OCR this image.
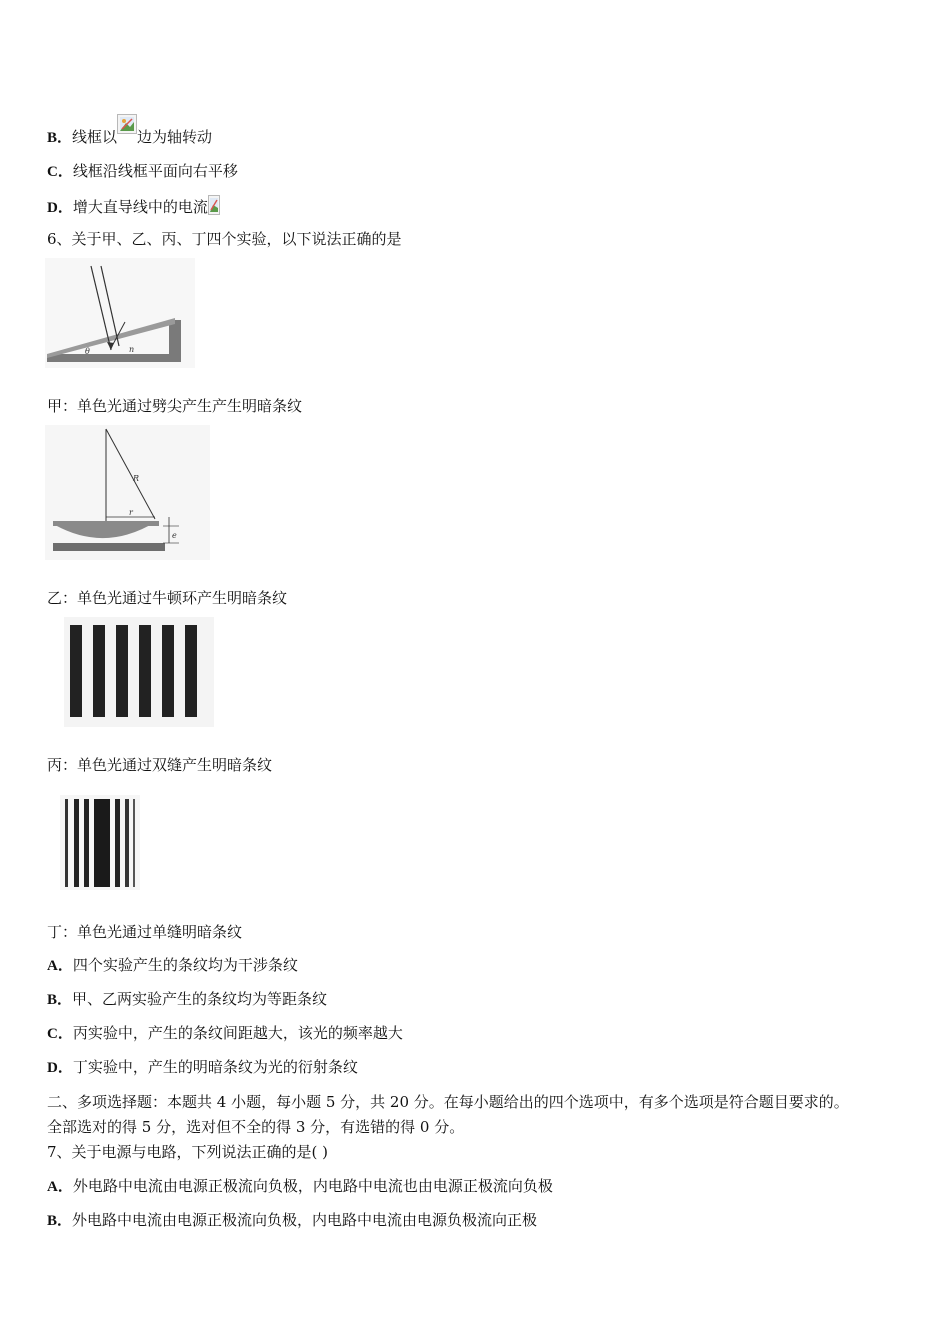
B．线框以 边为轴转动
C．线框沿线框平面向右平移
D．增大直导线中的电流
6、关于甲、乙、丙、丁四个实验，以下说法正确的是
θ	n
甲：单色光通过劈尖产生产生明暗条纹
R
r
e
乙：单色光通过牛顿环产生明暗条纹
丙：单色光通过双缝产生明暗条纹
丁：单色光通过单缝明暗条纹
A．四个实验产生的条纹均为干涉条纹
B．甲、乙两实验产生的条纹均为等距条纹
C．丙实验中，产生的条纹间距越大，该光的频率越大
D．丁实验中，产生的明暗条纹为光的衍射条纹
二、多项选择题：本题共 4 小题，每小题 5 分，共 20 分。在每小题给出的四个选项中，有多个选项是符合题目要求的。
全部选对的得 5 分，选对但不全的得 3 分，有选错的得 0 分。
7、关于电源与电路，下列说法正确的是( )
A．外电路中电流由电源正极流向负极，内电路中电流也由电源正极流向负极
B．外电路中电流由电源正极流向负极，内电路中电流由电源负极流向正极
